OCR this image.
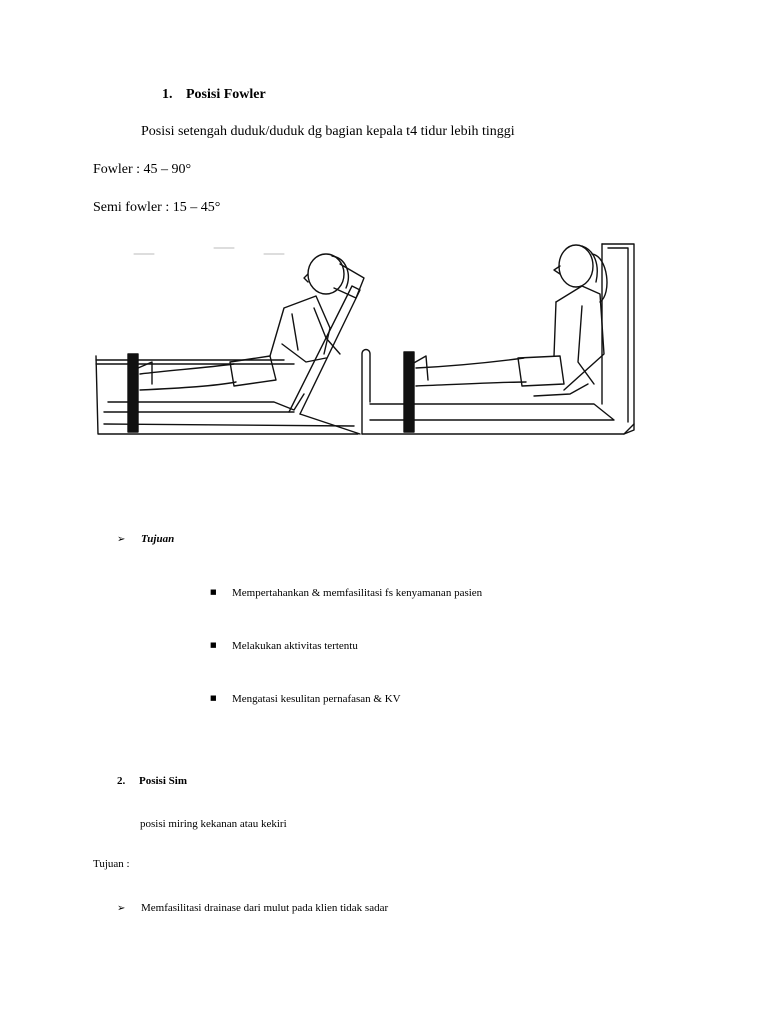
1. Posisi Fowler
Posisi setengah duduk/duduk dg bagian kepala t4 tidur lebih tinggi
Fowler : 45 – 90°
Semi fowler : 15 – 45°
➢ Tujuan
■ Mempertahankan & memfasilitasi fs kenyamanan pasien
■ Melakukan aktivitas tertentu
■ Mengatasi kesulitan pernafasan & KV
2. Posisi Sim
posisi miring kekanan atau kekiri
Tujuan :
➢ Memfasilitasi drainase dari mulut pada klien tidak sadar
